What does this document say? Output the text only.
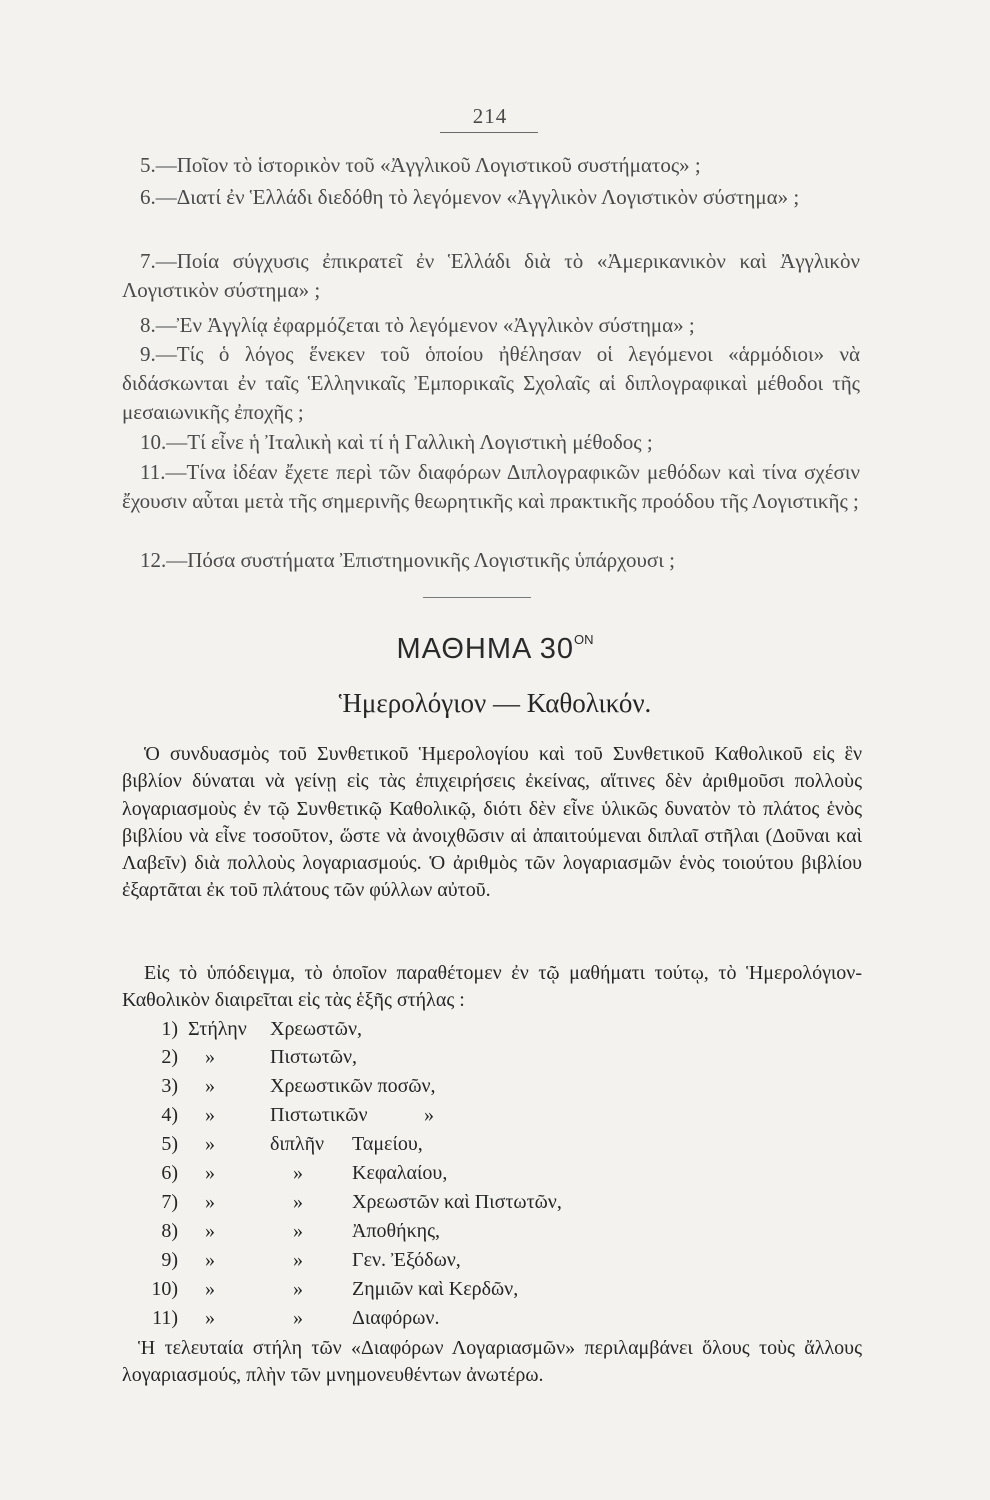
214
5.—Ποῖον τὸ ἱστορικὸν τοῦ «Ἀγγλικοῦ Λογιστικοῦ συστήματος» ;
6.—Διατί ἐν Ἑλλάδι διεδόθη τὸ λεγόμενον «Ἀγγλικὸν Λογιστικὸν σύστημα» ;
7.—Ποία σύγχυσις ἐπικρατεῖ ἐν Ἑλλάδι διὰ τὸ «Ἀμερικανικὸν καὶ Ἀγγλικὸν Λογιστικὸν σύστημα» ;
8.—Ἐν Ἀγγλίᾳ ἐφαρμόζεται τὸ λεγόμενον «Ἀγγλικὸν σύστημα» ;
9.—Τίς ὁ λόγος ἕνεκεν τοῦ ὁποίου ἠθέλησαν οἱ λεγόμενοι «ἁρμόδιοι» νὰ διδάσκωνται ἐν ταῖς Ἑλληνικαῖς Ἐμπορικαῖς Σχολαῖς αἱ διπλογραφικαὶ μέθοδοι τῆς μεσαιωνικῆς ἐποχῆς ;
10.—Τί εἶνε ἡ Ἰταλικὴ καὶ τί ἡ Γαλλικὴ Λογιστικὴ μέθοδος ;
11.—Τίνα ἰδέαν ἔχετε περὶ τῶν διαφόρων Διπλογραφικῶν μεθόδων καὶ τίνα σχέσιν ἔχουσιν αὗται μετὰ τῆς σημερινῆς θεωρητικῆς καὶ πρακτικῆς προόδου τῆς Λογιστικῆς ;
12.—Πόσα συστήματα Ἐπιστημονικῆς Λογιστικῆς ὑπάρχουσι ;
ΜΑΘΗΜΑ $30^{ON}$
Ἡμερολόγιον — Καθολικόν.
Ὁ συνδυασμὸς τοῦ Συνθετικοῦ Ἡμερολογίου καὶ τοῦ Συνθετικοῦ Καθολικοῦ εἰς ἓν βιβλίον δύναται νὰ γείνῃ εἰς τὰς ἐπιχειρήσεις ἐκείνας, αἵτινες δὲν ἀριθμοῦσι πολλοὺς λογαριασμοὺς ἐν τῷ Συνθετικῷ Καθολικῷ, διότι δὲν εἶνε ὑλικῶς δυνατὸν τὸ πλάτος ἑνὸς βιβλίου νὰ εἶνε τοσοῦτον, ὥστε νὰ ἀνοιχθῶσιν αἱ ἀπαιτούμεναι διπλαῖ στῆλαι (Δοῦναι καὶ Λαβεῖν) διὰ πολλοὺς λογαριασμούς. Ὁ ἀριθμὸς τῶν λογαριασμῶν ἑνὸς τοιούτου βιβλίου ἐξαρτᾶται ἐκ τοῦ πλάτους τῶν φύλλων αὐτοῦ.
Εἰς τὸ ὑπόδειγμα, τὸ ὁποῖον παραθέτομεν ἐν τῷ μαθήματι τούτῳ, τὸ Ἡμερολόγιον-Καθολικὸν διαιρεῖται εἰς τὰς ἑξῆς στήλας :
1) Στήλην Χρεωστῶν,
2) »	Πιστωτῶν,
3) »	Χρεωστικῶν ποσῶν,
4) »	Πιστωτικῶν	»
5) »	διπλῆν Ταμείου,
6) »	» Κεφαλαίου,
7) »	» Χρεωστῶν καὶ Πιστωτῶν,
8) »	» Ἀποθήκης,
9) »	» Γεν. Ἐξόδων,
10) »	» Ζημιῶν καὶ Κερδῶν,
11) »	» Διαφόρων.
Ἡ τελευταία στήλη τῶν «Διαφόρων Λογαριασμῶν» περιλαμβάνει ὅλους τοὺς ἄλλους λογαριασμούς, πλὴν τῶν μνημονευθέντων ἀνωτέρω.
